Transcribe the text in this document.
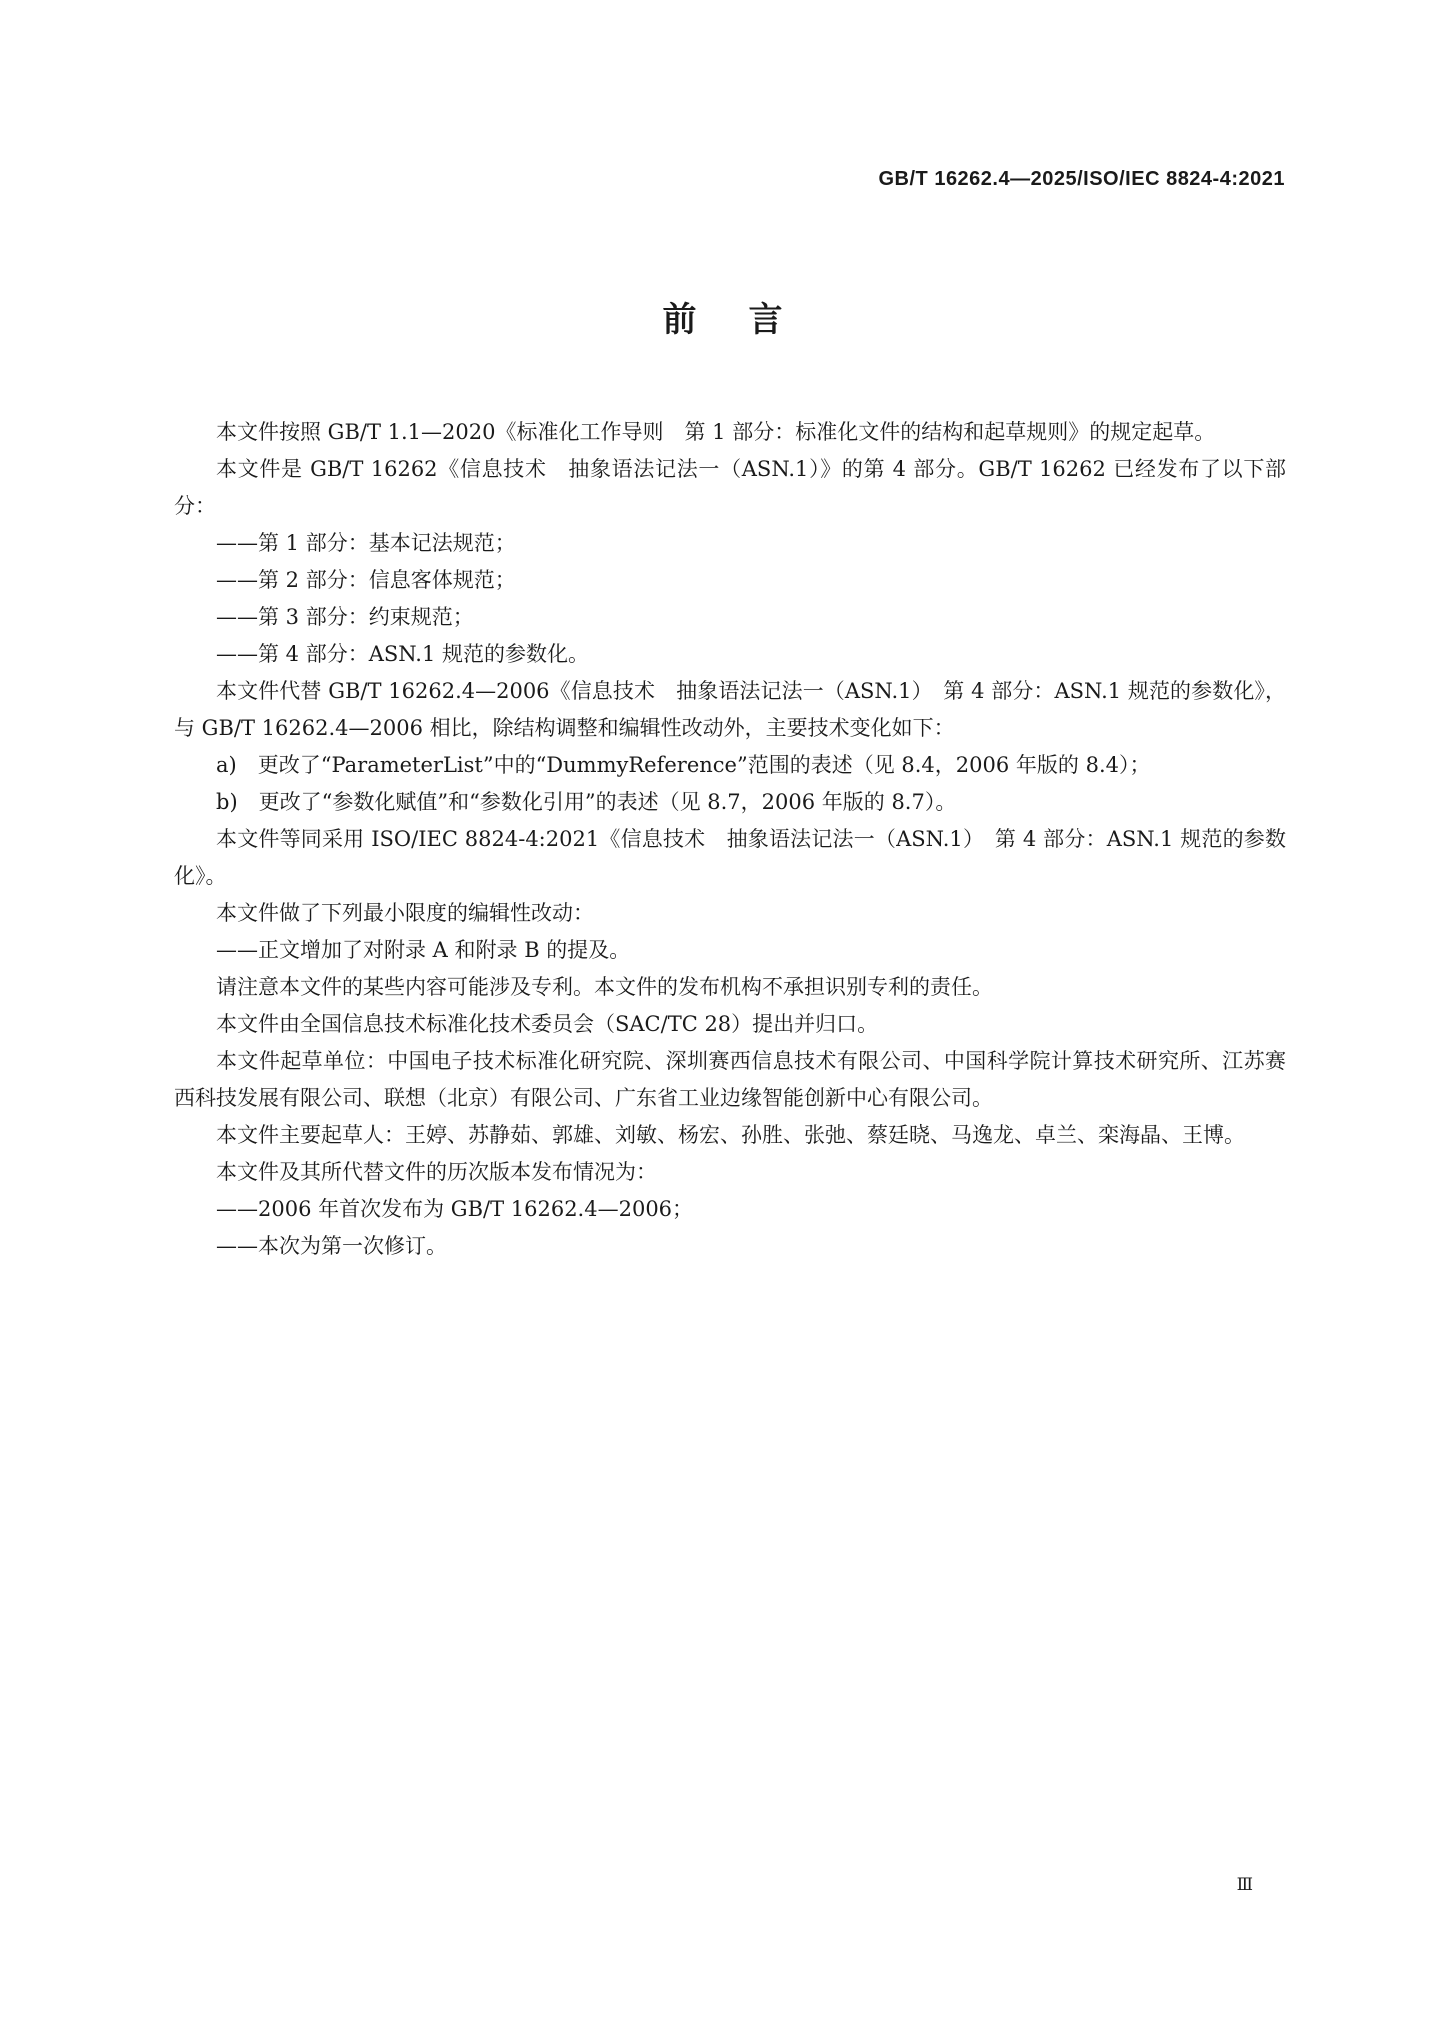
GB/T 16262.4—2025/ISO/IEC 8824-4:2021
前言

本文件按照 GB/T 1.1—2020《标准化工作导则　第 1 部分：标准化文件的结构和起草规则》的规定起草。

本文件是 GB/T 16262《信息技术　抽象语法记法一（ASN.1）》的第 4 部分。GB/T 16262 已经发布了以下部分：

——第 1 部分：基本记法规范；

——第 2 部分：信息客体规范；

——第 3 部分：约束规范；

——第 4 部分：ASN.1 规范的参数化。

本文件代替 GB/T 16262.4—2006《信息技术　抽象语法记法一（ASN.1）　第 4 部分：ASN.1 规范的参数化》，与 GB/T 16262.4—2006 相比，除结构调整和编辑性改动外，主要技术变化如下：

a)　更改了“ParameterList”中的“DummyReference”范围的表述（见 8.4，2006 年版的 8.4）；

b)　更改了“参数化赋值”和“参数化引用”的表述（见 8.7，2006 年版的 8.7）。

本文件等同采用 ISO/IEC 8824-4:2021《信息技术　抽象语法记法一（ASN.1）　第 4 部分：ASN.1 规范的参数化》。

本文件做了下列最小限度的编辑性改动：

——正文增加了对附录 A 和附录 B 的提及。

请注意本文件的某些内容可能涉及专利。本文件的发布机构不承担识别专利的责任。

本文件由全国信息技术标准化技术委员会（SAC/TC 28）提出并归口。

本文件起草单位：中国电子技术标准化研究院、深圳赛西信息技术有限公司、中国科学院计算技术研究所、江苏赛西科技发展有限公司、联想（北京）有限公司、广东省工业边缘智能创新中心有限公司。

本文件主要起草人：王婷、苏静茹、郭雄、刘敏、杨宏、孙胜、张弛、蔡廷晓、马逸龙、卓兰、栾海晶、王博。

本文件及其所代替文件的历次版本发布情况为：

——2006 年首次发布为 GB/T 16262.4—2006；

——本次为第一次修订。

Ⅲ
